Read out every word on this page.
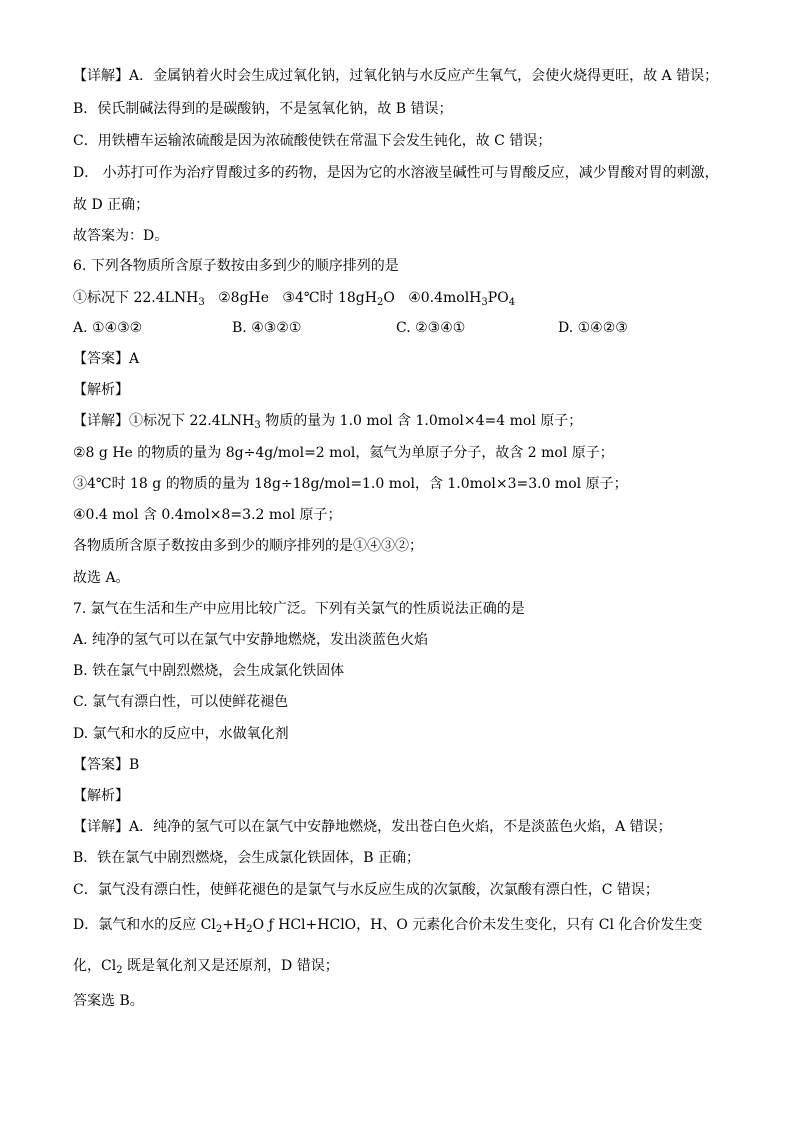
【详解】A．金属钠着火时会生成过氧化钠，过氧化钠与水反应产生氧气，会使火烧得更旺，故 A 错误；
B．侯氏制碱法得到的是碳酸钠，不是氢氧化钠，故 B 错误；
C．用铁槽车运输浓硫酸是因为浓硫酸使铁在常温下会发生钝化，故 C 错误；
D． 小苏打可作为治疗胃酸过多的药物，是因为它的水溶液呈碱性可与胃酸反应，减少胃酸对胃的刺激，
故 D 正确；
故答案为：D。
6. 下列各物质所含原子数按由多到少的顺序排列的是
①标况下 $22.4LNH_3$ ②8gHe ③4℃时 $18gH_2O$ $④0.4molH_3PO_4$
A. ①④③②	B. ④③②①	C. ②③④①	D. ①④②③
【答案】A
【解析】
【详解】①标况下 $22.4LNH_3$ 物质的量为 1.0 mol 含 1.0mol×4=4 mol 原子；
②8 g He 的物质的量为 8g÷4g/mol=2 mol，氦气为单原子分子，故含 2 mol 原子；
③4℃时 18 g 的物质的量为 18g÷18g/mol=1.0 mol，含 1.0mol×3=3.0 mol 原子；
④0.4 mol 含 0.4mol×8=3.2 mol 原子；
各物质所含原子数按由多到少的顺序排列的是①④③②；
故选 A。
7. 氯气在生活和生产中应用比较广泛。下列有关氯气的性质说法正确的是
A. 纯净的氢气可以在氯气中安静地燃烧，发出淡蓝色火焰
B. 铁在氯气中剧烈燃烧，会生成氯化铁固体
C. 氯气有漂白性，可以使鲜花褪色
D. 氯气和水的反应中，水做氧化剂
【答案】B
【解析】
【详解】A．纯净的氢气可以在氯气中安静地燃烧，发出苍白色火焰，不是淡蓝色火焰，A 错误；
B．铁在氯气中剧烈燃烧，会生成氯化铁固体，B 正确；
C．氯气没有漂白性，使鲜花褪色的是氯气与水反应生成的次氯酸，次氯酸有漂白性，C 错误；
D．氯气和水的反应 $Cl_2+H_2O$ ƒ HCl+HClO，H、O 元素化合价未发生变化，只有 Cl 化合价发生变
化，$Cl_2$ 既是氧化剂又是还原剂，D 错误；
答案选 B。
